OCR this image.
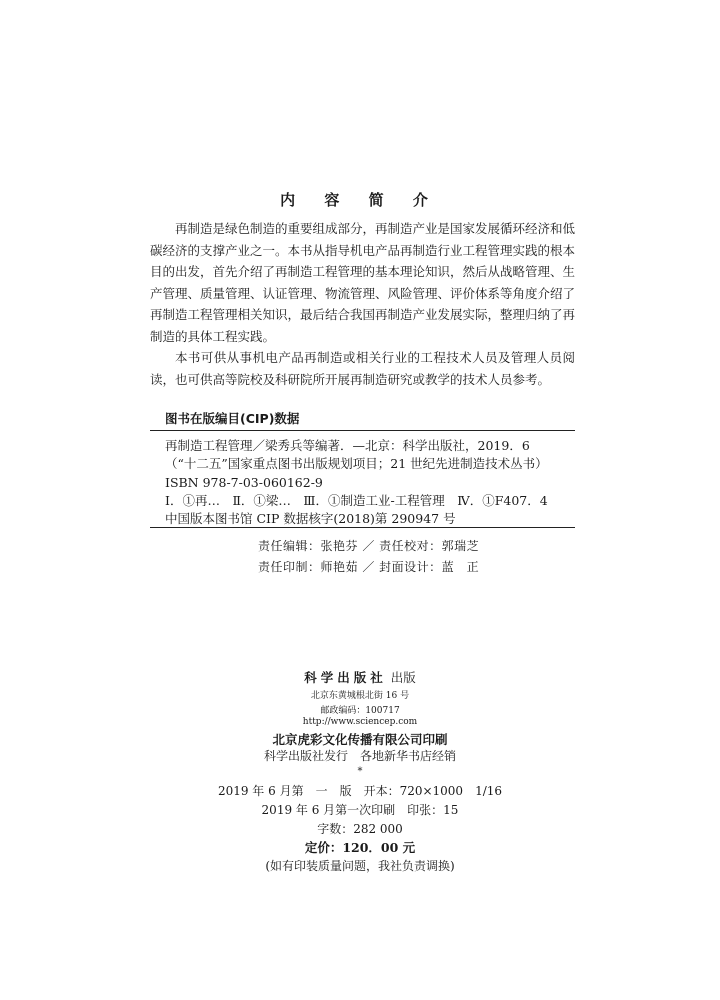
内 容 简 介

再制造是绿色制造的重要组成部分，再制造产业是国家发展循环经济和低碳经济的支撑产业之一。本书从指导机电产品再制造行业工程管理实践的根本目的出发，首先介绍了再制造工程管理的基本理论知识，然后从战略管理、生产管理、质量管理、认证管理、物流管理、风险管理、评价体系等角度介绍了再制造工程管理相关知识，最后结合我国再制造产业发展实际，整理归纳了再制造的具体工程实践。

本书可供从事机电产品再制造或相关行业的工程技术人员及管理人员阅读，也可供高等院校及科研院所开展再制造研究或教学的技术人员参考。

图书在版编目(CIP)数据
再制造工程管理／梁秀兵等编著．—北京：科学出版社，2019．6
（“十二五”国家重点图书出版规划项目；21 世纪先进制造技术丛书）
ISBN 978-7-03-060162-9
Ⅰ．①再…　Ⅱ．①梁…　Ⅲ．①制造工业-工程管理　Ⅳ．①F407．4
中国版本图书馆 CIP 数据核字(2018)第 290947 号
责任编辑：张艳芬 ／ 责任校对：郭瑞芝
责任印制：师艳茹 ／ 封面设计：蓝　正
科学出版社 出版
北京东黄城根北街 16 号
邮政编码：100717
http://www.sciencep.com
北京虎彩文化传播有限公司印刷
科学出版社发行　各地新华书店经销
*
2019 年 6 月第　一　版　开本：720×1000　1/16
2019 年 6 月第一次印刷　印张：15
字数：282 000
定价：120．00 元
(如有印装质量问题，我社负责调换)
